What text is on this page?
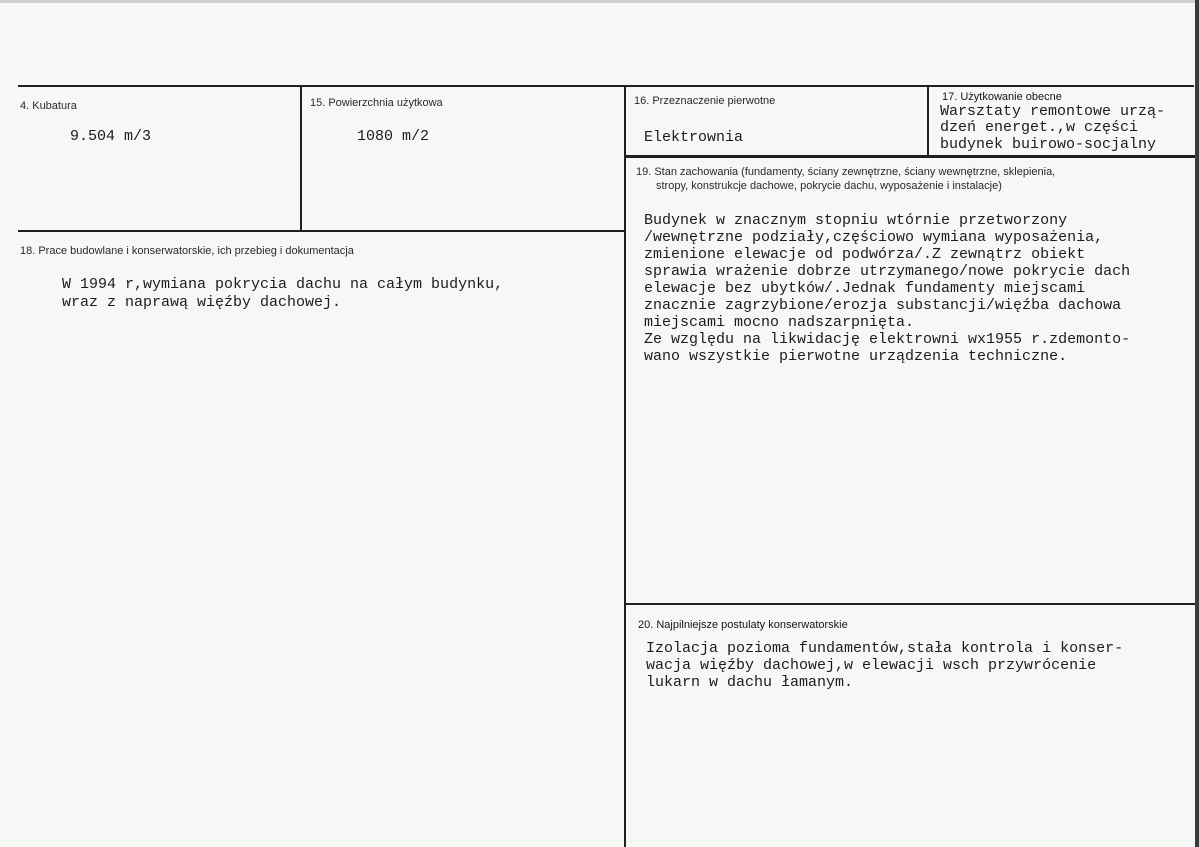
4. Kubatura
9.504 m/3
15. Powierzchnia użytkowa
1080 m/2
16. Przeznaczenie pierwotne
Elektrownia
17. Użytkowanie obecne
Warsztaty remontowe urzą-
dzeń energet.,w części
budynek buirowo-socjalny
18. Prace budowlane i konserwatorskie, ich przebieg i dokumentacja
W 1994 r,wymiana pokrycia dachu na całym budynku,
wraz z naprawą więźby dachowej.
19. Stan zachowania (fundamenty, ściany zewnętrzne, ściany wewnętrzne, sklepienia,
stropy, konstrukcje dachowe, pokrycie dachu, wyposażenie i instalacje)
Budynek w znacznym stopniu wtórnie przetworzony
/wewnętrzne podziały,częściowo wymiana wyposażenia,
zmienione elewacje od podwórza/.Z zewnątrz obiekt
sprawia wrażenie dobrze utrzymanego/nowe pokrycie dach
elewacje bez ubytków/.Jednak fundamenty miejscami
znacznie zagrzybione/erozja substancji/więźba dachowa
miejscami mocno nadszarpnięta.
Ze względu na likwidację elektrowni wx1955 r.zdemonto-
wano wszystkie pierwotne urządzenia techniczne.
20. Najpilniejsze postulaty konserwatorskie
Izolacja pozioma fundamentów,stała kontrola i konser-
wacja więźby dachowej,w elewacji wsch przywrócenie
lukarn w dachu łamanym.
